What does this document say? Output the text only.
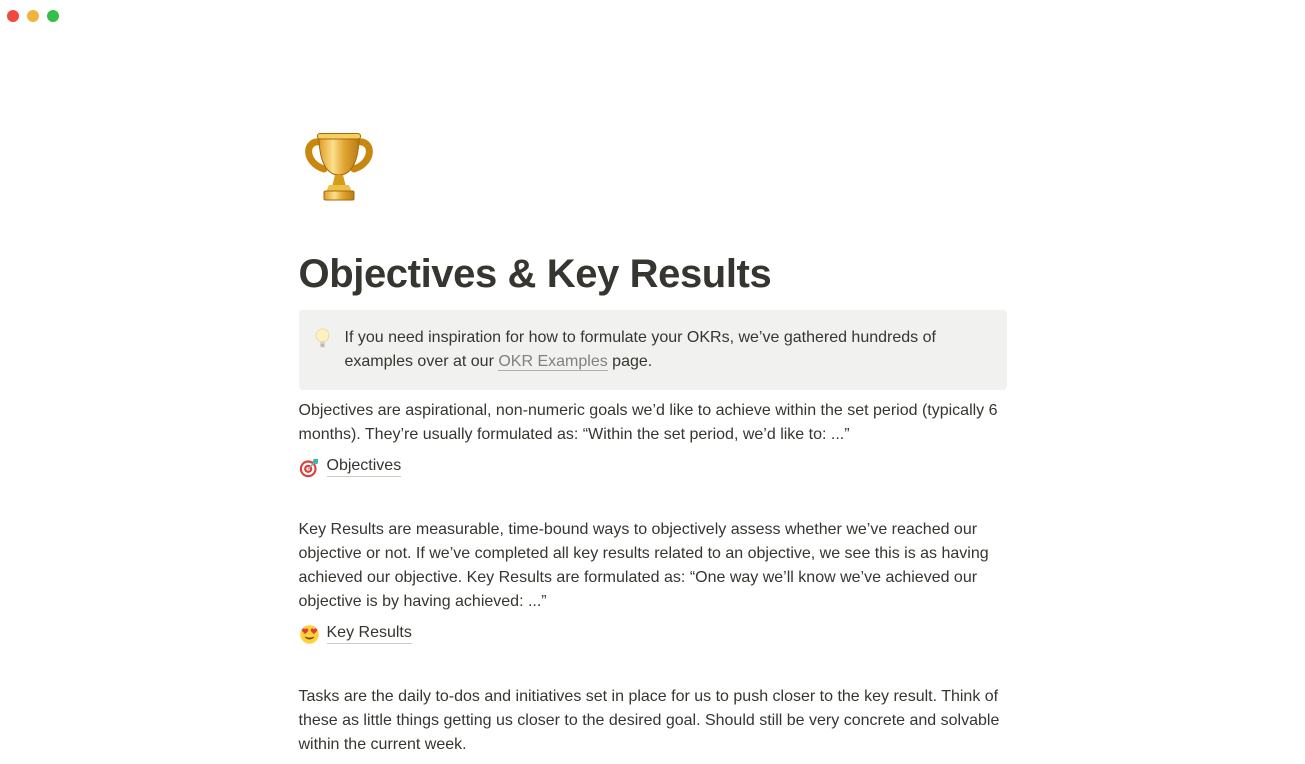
Objectives & Key Results
If you need inspiration for how to formulate your OKRs, we’ve gathered hundreds of examples over at our OKR Examples page.

Objectives are aspirational, non-numeric goals we’d like to achieve within the set period (typically 6 months). They’re usually formulated as: “Within the set period, we’d like to: ...”

Objectives

Key Results are measurable, time-bound ways to objectively assess whether we’ve reached our objective or not. If we’ve completed all key results related to an objective, we see this is as having achieved our objective. Key Results are formulated as: “One way we’ll know we’ve achieved our objective is by having achieved: ...”

Key Results

Tasks are the daily to-dos and initiatives set in place for us to push closer to the key result. Think of these as little things getting us closer to the desired goal. Should still be very concrete and solvable within the current week.
